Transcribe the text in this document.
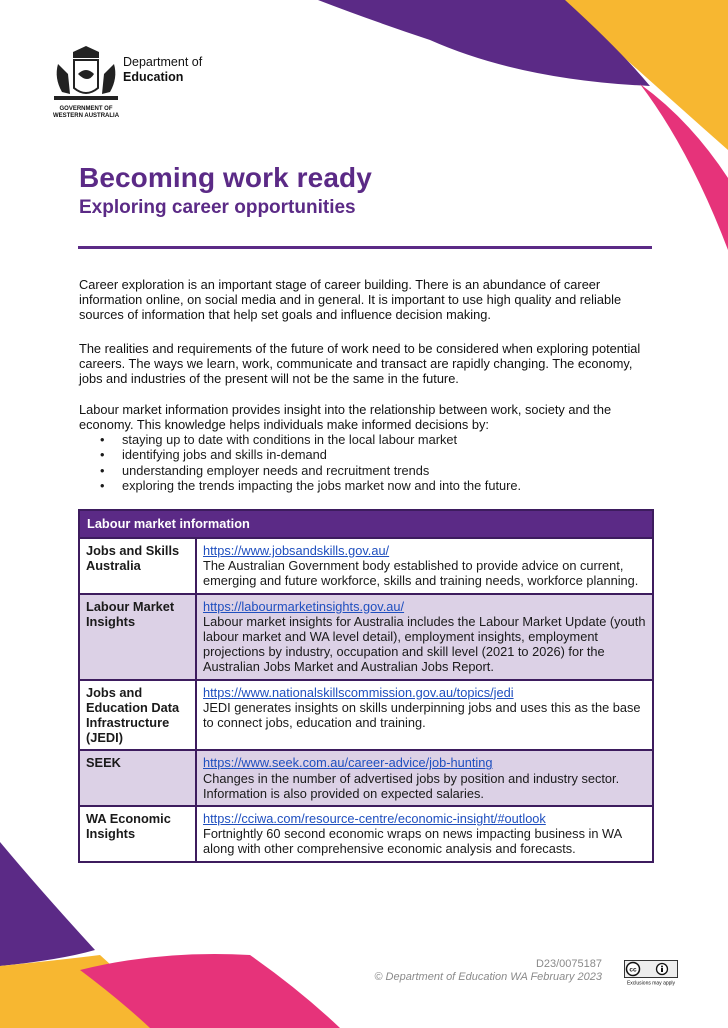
GOVERNMENT OF
WESTERN AUSTRALIA
Department of
Education
Becoming work ready
Exploring career opportunities

Career exploration is an important stage of career building. There is an abundance of career information online, on social media and in general. It is important to use high quality and reliable sources of information that help set goals and influence decision making.

The realities and requirements of the future of work need to be considered when exploring potential careers. The ways we learn, work, communicate and transact are rapidly changing. The economy, jobs and industries of the present will not be the same in the future.

Labour market information provides insight into the relationship between work, society and the economy. This knowledge helps individuals make informed decisions by:

• staying up to date with conditions in the local labour market
• identifying jobs and skills in-demand
• understanding employer needs and recruitment trends
• exploring the trends impacting the jobs market now and into the future.
Labour market information	
Jobs and Skills Australia	https://www.jobsandskills.gov.au/
The Australian Government body established to provide advice on current, emerging and future workforce, skills and training needs, workforce planning.
Labour Market Insights	https://labourmarketinsights.gov.au/
Labour market insights for Australia includes the Labour Market Update (youth labour market and WA level detail), employment insights, employment projections by industry, occupation and skill level (2021 to 2026) for the Australian Jobs Market and Australian Jobs Report.
Jobs and Education Data Infrastructure (JEDI)	https://www.nationalskillscommission.gov.au/topics/jedi
JEDI generates insights on skills underpinning jobs and uses this as the base to connect jobs, education and training.
SEEK	https://www.seek.com.au/career-advice/job-hunting
Changes in the number of advertised jobs by position and industry sector. Information is also provided on expected salaries.
WA Economic Insights	https://cciwa.com/resource-centre/economic-insight/#outlook
Fortnightly 60 second economic wraps on news impacting business in WA along with other comprehensive economic analysis and forecasts.
D23/0075187
© Department of Education WA February 2023
cc
Exclusions may apply
